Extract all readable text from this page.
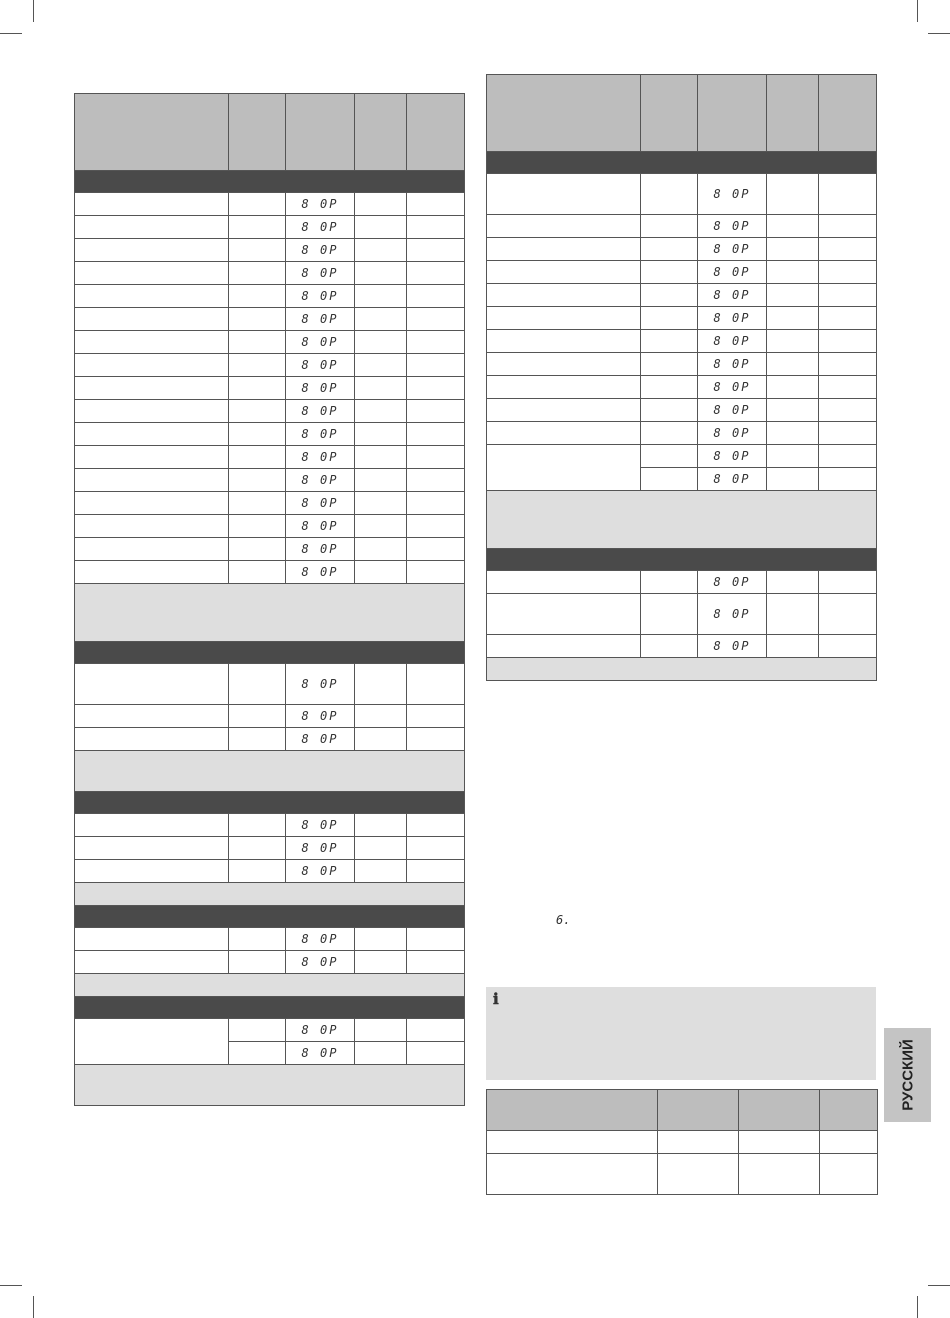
		8 0P		
		8 0P		
		8 0P		
		8 0P		
		8 0P		
		8 0P		
		8 0P		
		8 0P		
		8 0P		
		8 0P		
		8 0P		
		8 0P		
		8 0P		
		8 0P		
		8 0P		
		8 0P		
		8 0P		

		8 0P		
		8 0P		
		8 0P		

		8 0P		
		8 0P		
		8 0P		

		8 0P		
		8 0P		

		8 0P		
		8 0P		

		8 0P		
		8 0P		
		8 0P		
		8 0P		
		8 0P		
		8 0P		
		8 0P		
		8 0P		
		8 0P		
		8 0P		
		8 0P		
		8 0P		
		8 0P		

		8 0P		
		8 0P		
		8 0P		

6.
ℹ

РУССКИЙ
